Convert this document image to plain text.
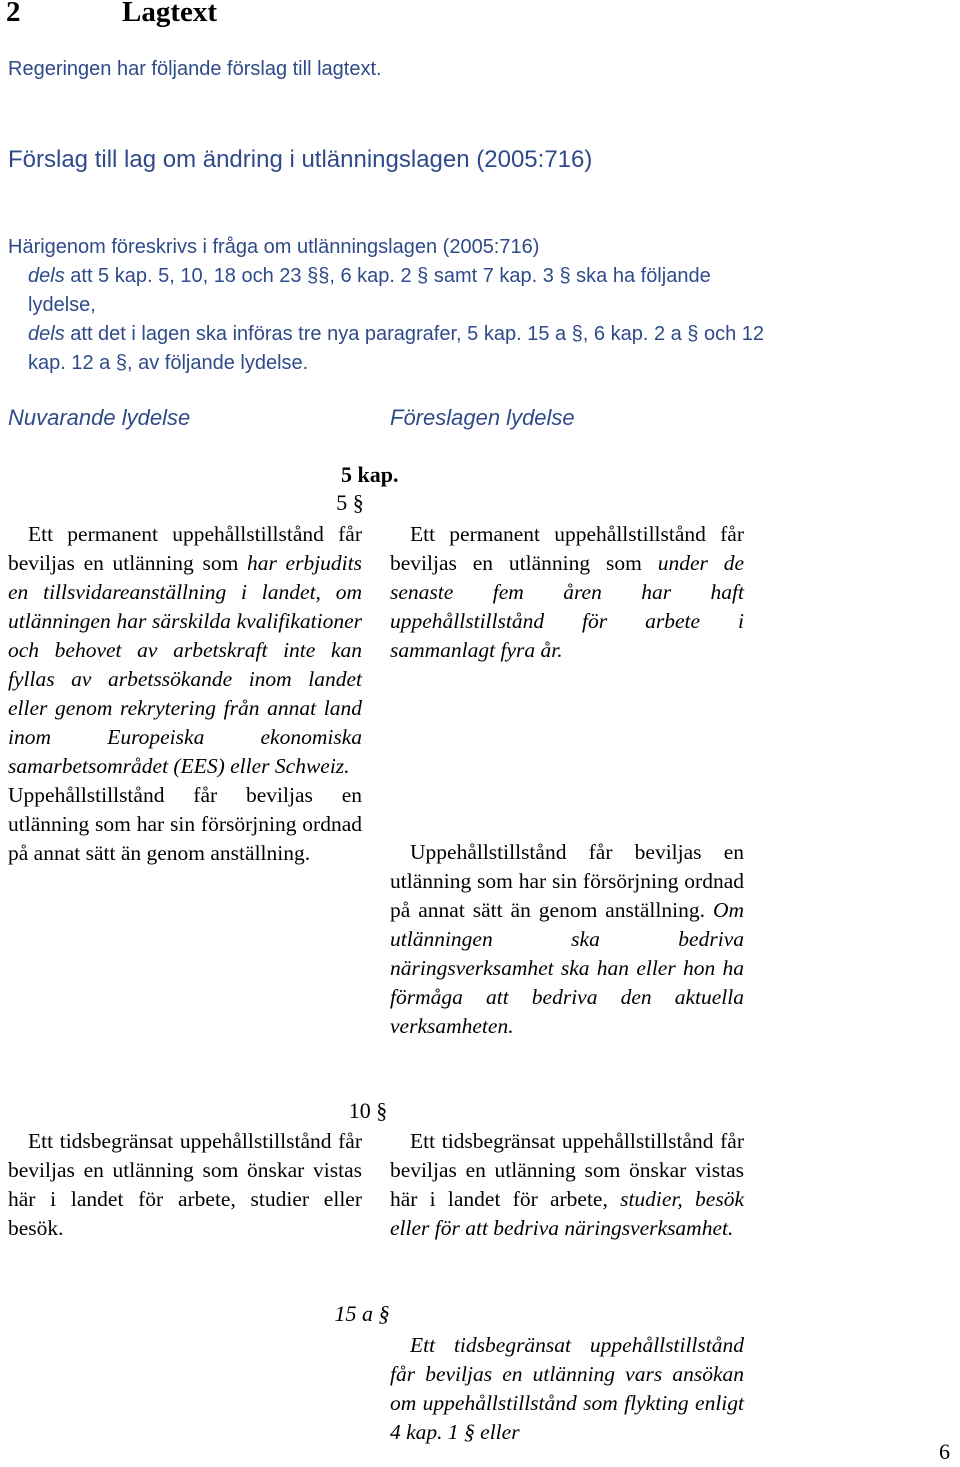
2	Lagtext

Regeringen har följande förslag till lagtext.

Förslag till lag om ändring i utlänningslagen (2005:716)

Härigenom föreskrivs i fråga om utlänningslagen (2005:716)
dels att 5 kap. 5, 10, 18 och 23 §§, 6 kap. 2 § samt 7 kap. 3 § ska ha följande lydelse,
dels att det i lagen ska införas tre nya paragrafer, 5 kap. 15 a §, 6 kap. 2 a § och 12 kap. 12 a §, av följande lydelse.
Nuvarande lydelse	Föreslagen lydelse
5 kap.
5 §
Ett permanent uppehållstillstånd får beviljas en utlänning som har erbjudits en tillsvidareanställning i landet, om utlänningen har särskilda kvalifikationer och behovet av arbetskraft inte kan fyllas av arbetssökande inom landet eller genom rekrytering från annat land inom Europeiska ekonomiska samarbetsområdet (EES) eller Schweiz.
Uppehållstillstånd får beviljas en utlänning som har sin försörjning ordnad på annat sätt än genom anställning.
Ett permanent uppehållstillstånd får beviljas en utlänning som under de senaste fem åren har haft uppehållstillstånd för arbete i sammanlagt fyra år.
Uppehållstillstånd får beviljas en utlänning som har sin försörjning ordnad på annat sätt än genom anställning. Om utlänningen ska bedriva näringsverksamhet ska han eller hon ha förmåga att bedriva den aktuella verksamheten.
10 §
Ett tidsbegränsat uppehållstillstånd får beviljas en utlänning som önskar vistas här i landet för arbete, studier eller besök.
Ett tidsbegränsat uppehållstillstånd får beviljas en utlänning som önskar vistas här i landet för arbete, studier, besök eller för att bedriva näringsverksamhet.
15 a §
Ett tidsbegränsat uppehållstillstånd får beviljas en utlänning vars ansökan om uppehållstillstånd som flykting enligt 4 kap. 1 § eller
6
